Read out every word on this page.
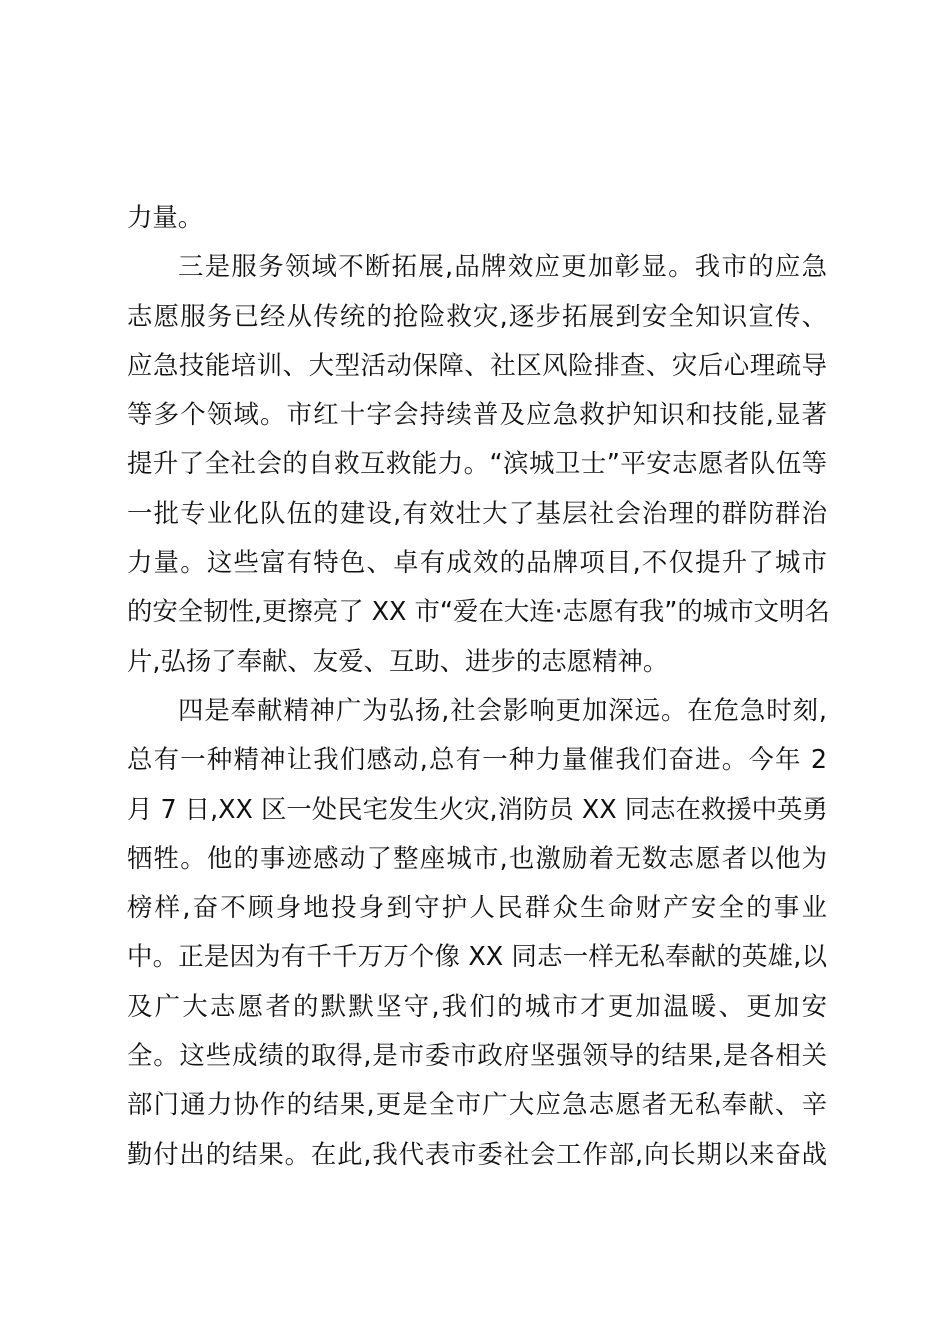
力量。
三是服务领域不断拓展,品牌效应更加彰显。我市的应急
志愿服务已经从传统的抢险救灾,逐步拓展到安全知识宣传、
应急技能培训、大型活动保障、社区风险排查、灾后心理疏导
等多个领域。市红十字会持续普及应急救护知识和技能,显著
提升了全社会的自救互救能力。“滨城卫士”平安志愿者队伍等
一批专业化队伍的建设,有效壮大了基层社会治理的群防群治
力量。这些富有特色、卓有成效的品牌项目,不仅提升了城市
的安全韧性,更擦亮了 XX 市“爱在大连·志愿有我”的城市文明名
片,弘扬了奉献、友爱、互助、进步的志愿精神。
四是奉献精神广为弘扬,社会影响更加深远。在危急时刻,
总有一种精神让我们感动,总有一种力量催我们奋进。今年 2
月 7 日,XX 区一处民宅发生火灾,消防员 XX 同志在救援中英勇
牺牲。他的事迹感动了整座城市,也激励着无数志愿者以他为
榜样,奋不顾身地投身到守护人民群众生命财产安全的事业
中。正是因为有千千万万个像 XX 同志一样无私奉献的英雄,以
及广大志愿者的默默坚守,我们的城市才更加温暖、更加安
全。这些成绩的取得,是市委市政府坚强领导的结果,是各相关
部门通力协作的结果,更是全市广大应急志愿者无私奉献、辛
勤付出的结果。在此,我代表市委社会工作部,向长期以来奋战
